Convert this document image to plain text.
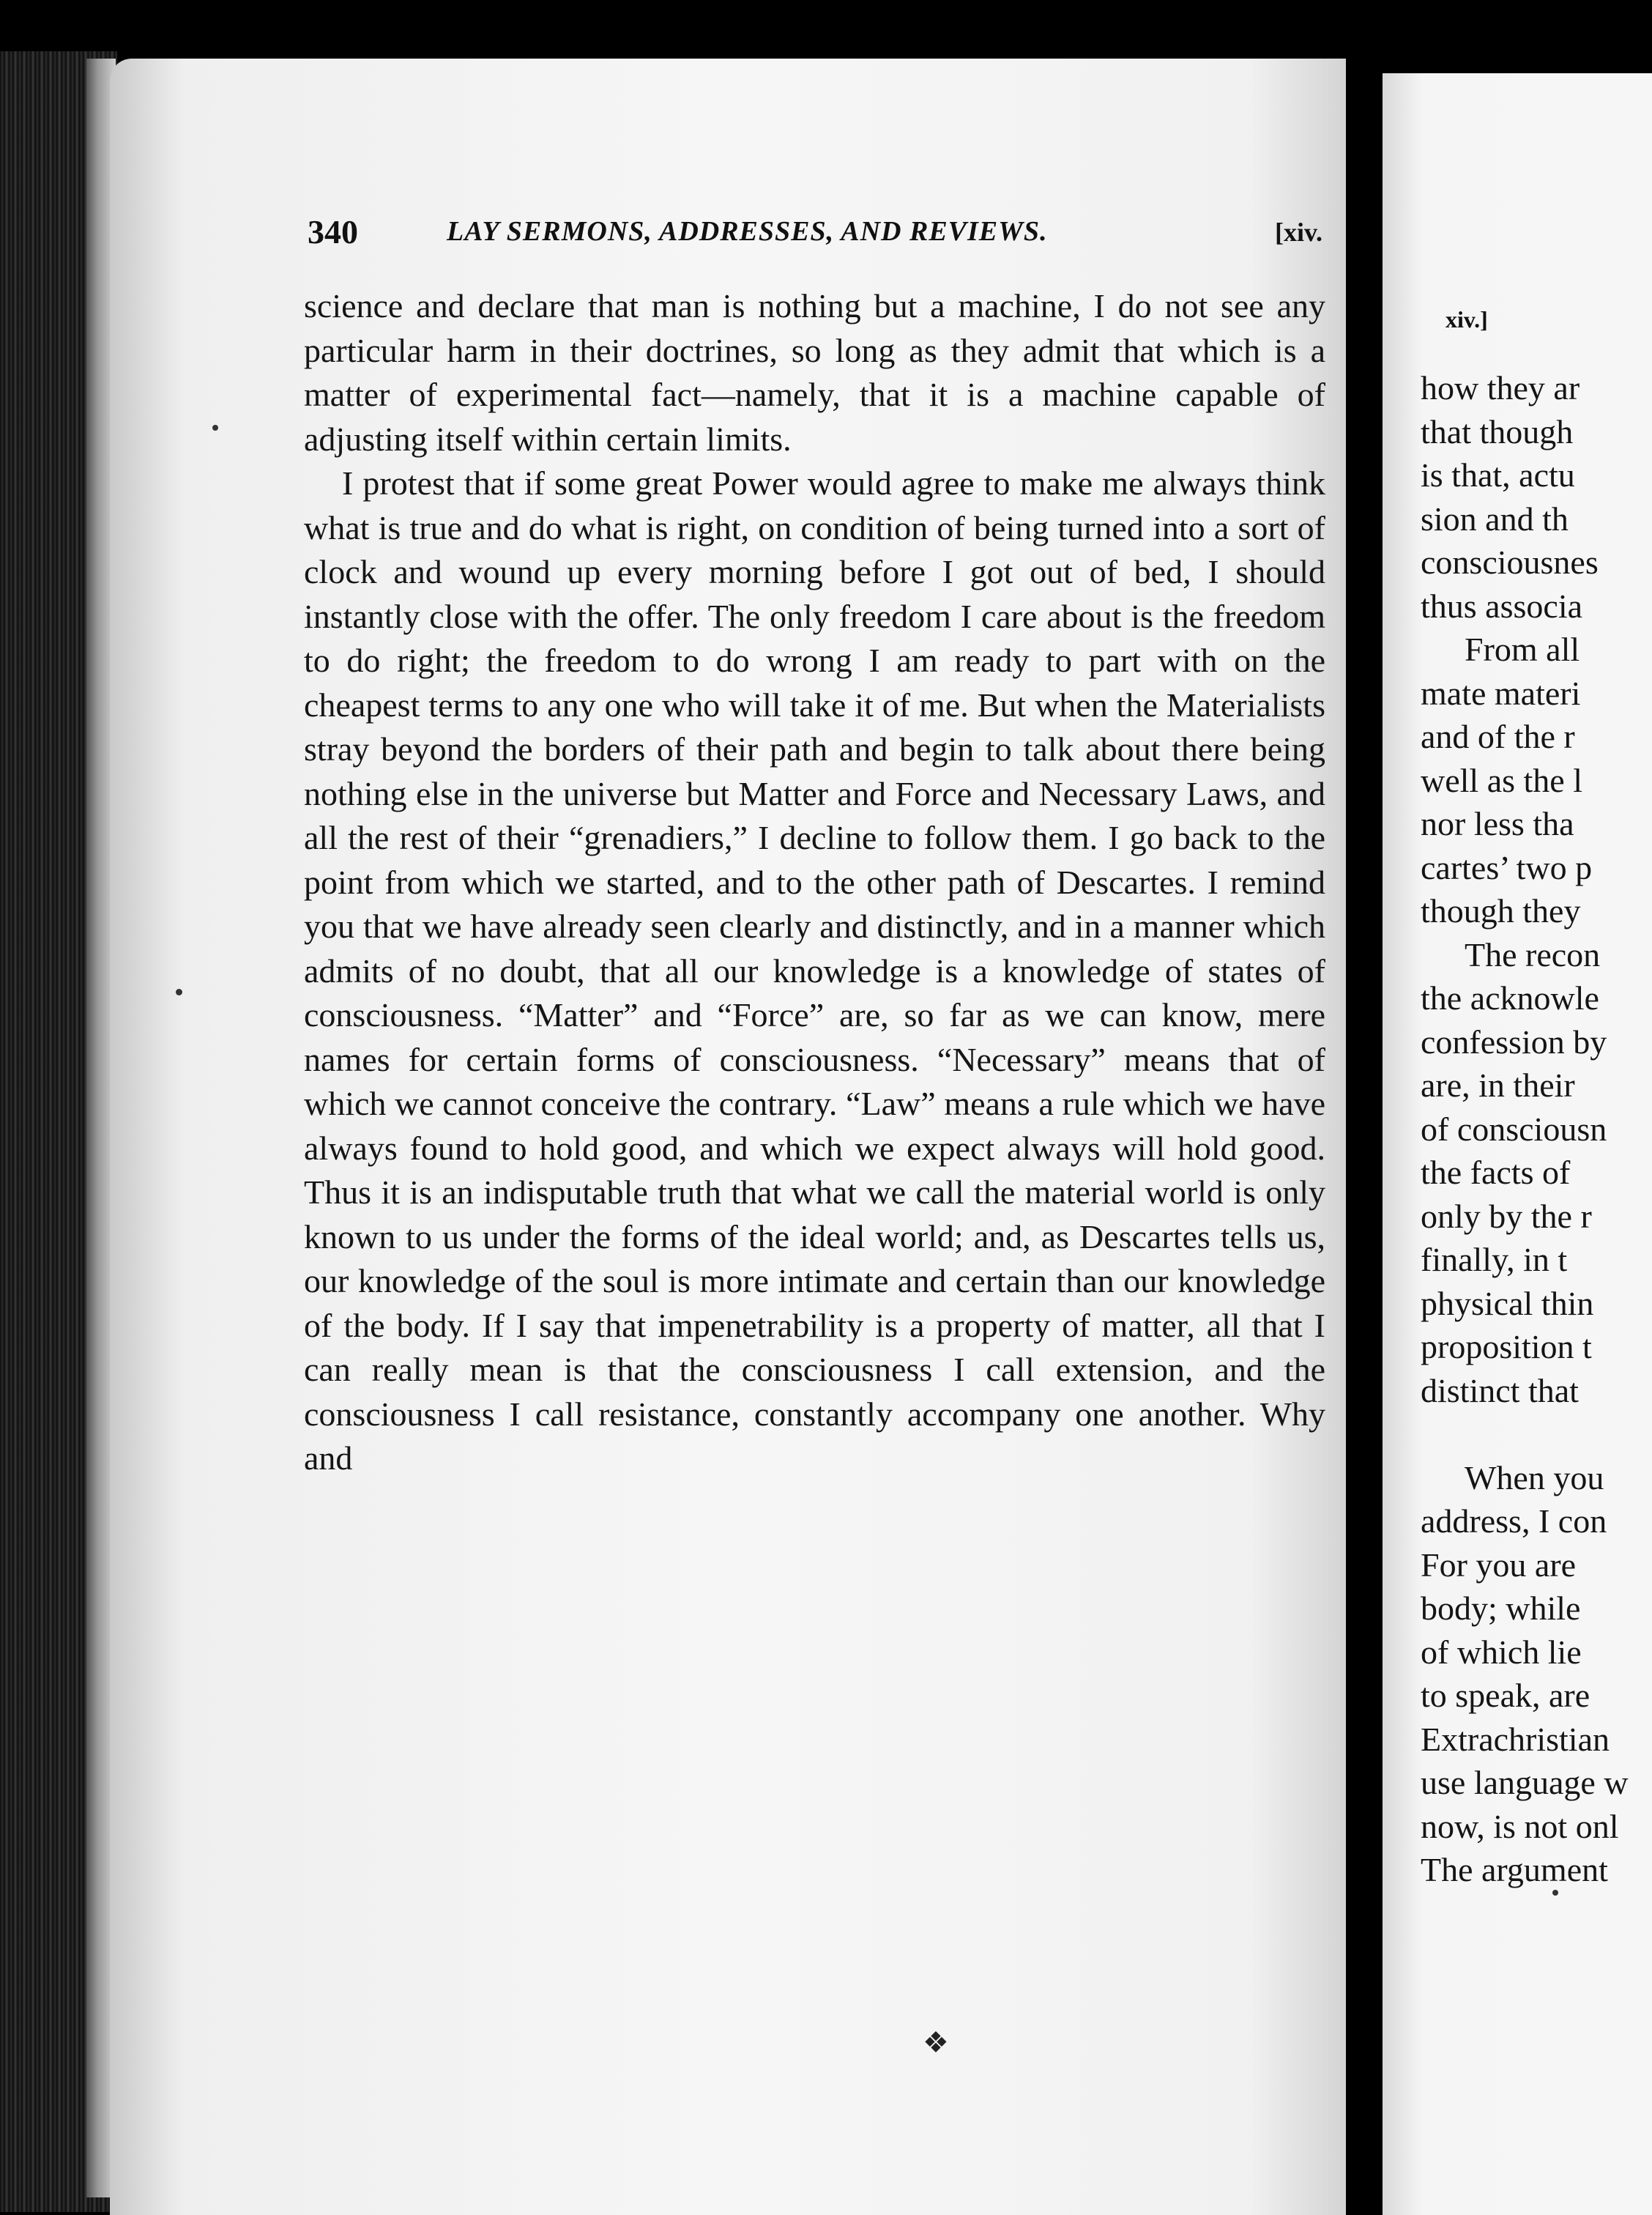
340	LAY SERMONS, ADDRESSES, AND REVIEWS.	[xiv.

science and declare that man is nothing but a machine, I do not see any particular harm in their doctrines, so long as they admit that which is a matter of experimental fact—namely, that it is a machine capable of adjusting itself within certain limits.

I protest that if some great Power would agree to make me always think what is true and do what is right, on condition of being turned into a sort of clock and wound up every morning before I got out of bed, I should instantly close with the offer. The only freedom I care about is the freedom to do right; the freedom to do wrong I am ready to part with on the cheapest terms to any one who will take it of me. But when the Materialists stray beyond the borders of their path and begin to talk about there being nothing else in the universe but Matter and Force and Necessary Laws, and all the rest of their “grenadiers,” I decline to follow them. I go back to the point from which we started, and to the other path of Descartes. I remind you that we have already seen clearly and distinctly, and in a manner which admits of no doubt, that all our knowledge is a knowledge of states of consciousness. “Matter” and “Force” are, so far as we can know, mere names for certain forms of consciousness. “Necessary” means that of which we cannot conceive the contrary. “Law” means a rule which we have always found to hold good, and which we expect always will hold good. Thus it is an indisputable truth that what we call the material world is only known to us under the forms of the ideal world; and, as Descartes tells us, our knowledge of the soul is more intimate and certain than our knowledge of the body. If I say that impenetrability is a property of matter, all that I can really mean is that the consciousness I call extension, and the consciousness I call resistance, constantly accompany one another. Why and

xiv.]
how they ar
that though
is that, actu
sion and th
consciousnes
thus associa
From all
mate materi
and of the r
well as the l
nor less tha
cartes’ two p
though they
The recon
the acknowle
confession by
are, in their
of consciousn
the facts of
only by the r
finally, in t
physical thin
proposition t
distinct that
When you
address, I con
For you are
body; while
of which lie
to speak, are
Extrachristian
use language w
now, is not onl
The argument
❖
